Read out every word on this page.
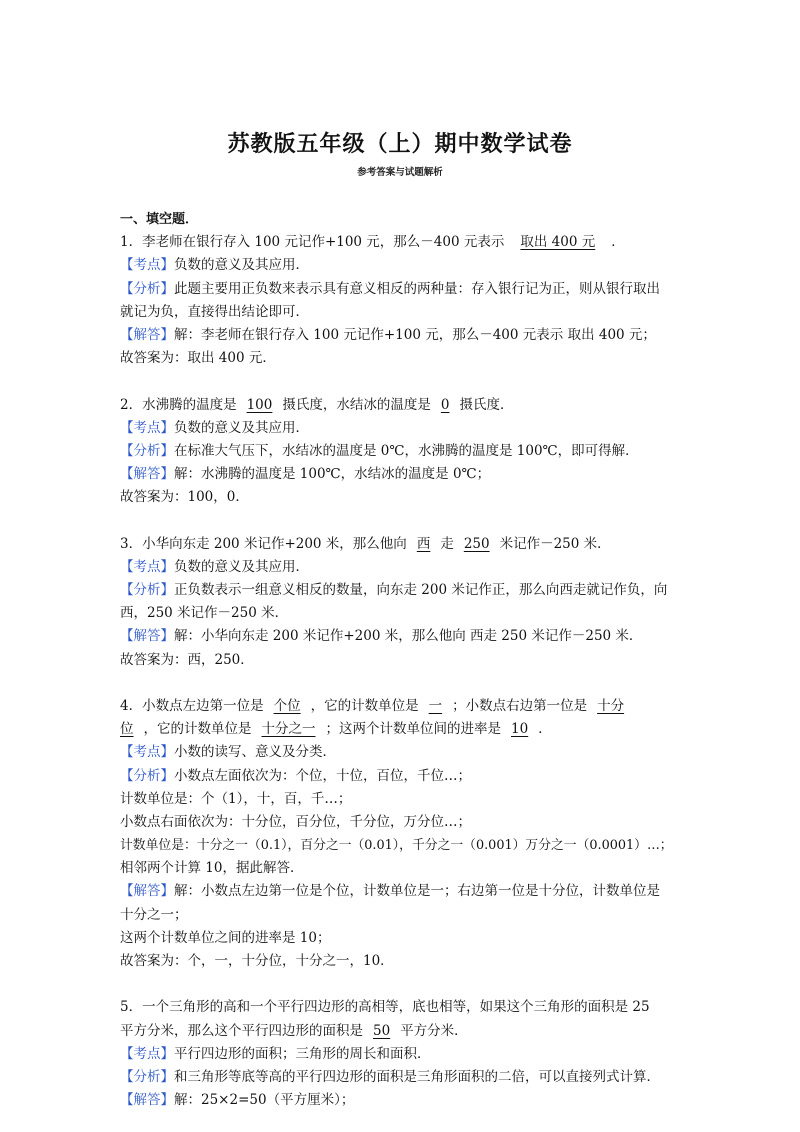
苏教版五年级（上）期中数学试卷
参考答案与试题解析
一、填空题．
1．李老师在银行存入 100 元记作+100 元，那么－400 元表示 取出 400 元 ．
【考点】负数的意义及其应用．
【分析】此题主要用正负数来表示具有意义相反的两种量：存入银行记为正，则从银行取出
就记为负，直接得出结论即可．
【解答】解：李老师在银行存入 100 元记作+100 元，那么－400 元表示 取出 400 元；
故答案为：取出 400 元．
2．水沸腾的温度是 100 摄氏度，水结冰的温度是 0 摄氏度．
【考点】负数的意义及其应用．
【分析】在标准大气压下，水结冰的温度是 0℃，水沸腾的温度是 100℃，即可得解．
【解答】解：水沸腾的温度是 100℃，水结冰的温度是 0℃；
故答案为：100，0．
3．小华向东走 200 米记作+200 米，那么他向 西 走 250 米记作－250 米．
【考点】负数的意义及其应用．
【分析】正负数表示一组意义相反的数量，向东走 200 米记作正，那么向西走就记作负，向
西，250 米记作－250 米．
【解答】解：小华向东走 200 米记作+200 米，那么他向 西走 250 米记作－250 米．
故答案为：西，250．
4．小数点左边第一位是 个位 ，它的计数单位是 一 ；小数点右边第一位是 十分
位 ，它的计数单位是 十分之一 ；这两个计数单位间的进率是 10 ．
【考点】小数的读写、意义及分类．
【分析】小数点左面依次为：个位，十位，百位，千位…；
计数单位是：个（1），十，百，千…；
小数点右面依次为：十分位，百分位，千分位，万分位…；
计数单位是：十分之一（0.1），百分之一（0.01），千分之一（0.001）万分之一（0.0001）…；
相邻两个计算 10，据此解答．
【解答】解：小数点左边第一位是个位，计数单位是一；右边第一位是十分位，计数单位是
十分之一；
这两个计数单位之间的进率是 10；
故答案为：个，一，十分位，十分之一，10．
5．一个三角形的高和一个平行四边形的高相等，底也相等，如果这个三角形的面积是 25
平方分米，那么这个平行四边形的面积是 50 平方分米．
【考点】平行四边形的面积；三角形的周长和面积．
【分析】和三角形等底等高的平行四边形的面积是三角形面积的二倍，可以直接列式计算．
【解答】解：25×2=50（平方厘米）；
